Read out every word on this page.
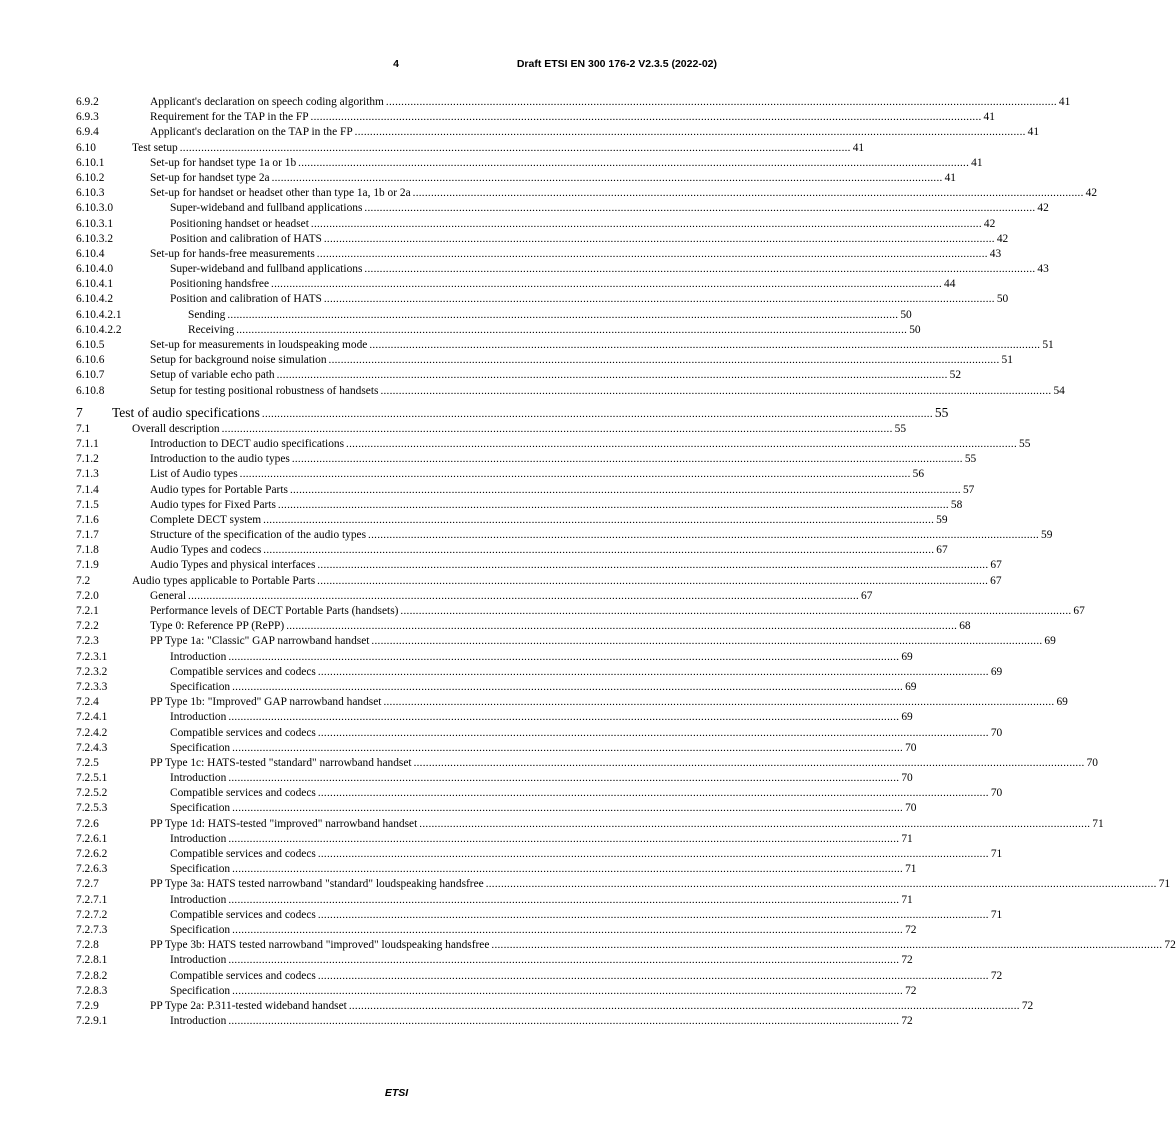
4	Draft ETSI EN 300 176-2 V2.3.5 (2022-02)
6.9.2	Applicant's declaration on speech coding algorithm ............................................................................................................................................................................................................................ 41
6.9.3	Requirement for the TAP in the FP ............................................................................................................................................................................................................................ 41
6.9.4	Applicant's declaration on the TAP in the FP ............................................................................................................................................................................................................................ 41
6.10	Test setup ............................................................................................................................................................................................................................ 41
6.10.1	Set-up for handset type 1a or 1b ............................................................................................................................................................................................................................ 41
6.10.2	Set-up for handset type 2a ............................................................................................................................................................................................................................ 41
6.10.3	Set-up for handset or headset other than type 1a, 1b or 2a ............................................................................................................................................................................................................................ 42
6.10.3.0	Super-wideband and fullband applications ............................................................................................................................................................................................................................ 42
6.10.3.1	Positioning handset or headset ............................................................................................................................................................................................................................ 42
6.10.3.2	Position and calibration of HATS ............................................................................................................................................................................................................................ 42
6.10.4	Set-up for hands-free measurements ............................................................................................................................................................................................................................ 43
6.10.4.0	Super-wideband and fullband applications ............................................................................................................................................................................................................................ 43
6.10.4.1	Positioning handsfree ............................................................................................................................................................................................................................ 44
6.10.4.2	Position and calibration of HATS ............................................................................................................................................................................................................................ 50
6.10.4.2.1	Sending ............................................................................................................................................................................................................................ 50
6.10.4.2.2	Receiving ............................................................................................................................................................................................................................ 50
6.10.5	Set-up for measurements in loudspeaking mode ............................................................................................................................................................................................................................ 51
6.10.6	Setup for background noise simulation ............................................................................................................................................................................................................................ 51
6.10.7	Setup of variable echo path ............................................................................................................................................................................................................................ 52
6.10.8	Setup for testing positional robustness of handsets ............................................................................................................................................................................................................................ 54
7	Test of audio specifications ............................................................................................................................................................................................................................ 55
7.1	Overall description ............................................................................................................................................................................................................................ 55
7.1.1	Introduction to DECT audio specifications ............................................................................................................................................................................................................................ 55
7.1.2	Introduction to the audio types ............................................................................................................................................................................................................................ 55
7.1.3	List of Audio types ............................................................................................................................................................................................................................ 56
7.1.4	Audio types for Portable Parts ............................................................................................................................................................................................................................ 57
7.1.5	Audio types for Fixed Parts ............................................................................................................................................................................................................................ 58
7.1.6	Complete DECT system ............................................................................................................................................................................................................................ 59
7.1.7	Structure of the specification of the audio types ............................................................................................................................................................................................................................ 59
7.1.8	Audio Types and codecs ............................................................................................................................................................................................................................ 67
7.1.9	Audio Types and physical interfaces ............................................................................................................................................................................................................................ 67
7.2	Audio types applicable to Portable Parts ............................................................................................................................................................................................................................ 67
7.2.0	General ............................................................................................................................................................................................................................ 67
7.2.1	Performance levels of DECT Portable Parts (handsets) ............................................................................................................................................................................................................................ 67
7.2.2	Type 0: Reference PP (RePP) ............................................................................................................................................................................................................................ 68
7.2.3	PP Type 1a: "Classic" GAP narrowband handset ............................................................................................................................................................................................................................ 69
7.2.3.1	Introduction ............................................................................................................................................................................................................................ 69
7.2.3.2	Compatible services and codecs ............................................................................................................................................................................................................................ 69
7.2.3.3	Specification ............................................................................................................................................................................................................................ 69
7.2.4	PP Type 1b: "Improved" GAP narrowband handset ............................................................................................................................................................................................................................ 69
7.2.4.1	Introduction ............................................................................................................................................................................................................................ 69
7.2.4.2	Compatible services and codecs ............................................................................................................................................................................................................................ 70
7.2.4.3	Specification ............................................................................................................................................................................................................................ 70
7.2.5	PP Type 1c: HATS-tested "standard" narrowband handset ............................................................................................................................................................................................................................ 70
7.2.5.1	Introduction ............................................................................................................................................................................................................................ 70
7.2.5.2	Compatible services and codecs ............................................................................................................................................................................................................................ 70
7.2.5.3	Specification ............................................................................................................................................................................................................................ 70
7.2.6	PP Type 1d: HATS-tested "improved" narrowband handset ............................................................................................................................................................................................................................ 71
7.2.6.1	Introduction ............................................................................................................................................................................................................................ 71
7.2.6.2	Compatible services and codecs ............................................................................................................................................................................................................................ 71
7.2.6.3	Specification ............................................................................................................................................................................................................................ 71
7.2.7	PP Type 3a: HATS tested narrowband "standard" loudspeaking handsfree ............................................................................................................................................................................................................................ 71
7.2.7.1	Introduction ............................................................................................................................................................................................................................ 71
7.2.7.2	Compatible services and codecs ............................................................................................................................................................................................................................ 71
7.2.7.3	Specification ............................................................................................................................................................................................................................ 72
7.2.8	PP Type 3b: HATS tested narrowband "improved" loudspeaking handsfree ............................................................................................................................................................................................................................ 72
7.2.8.1	Introduction ............................................................................................................................................................................................................................ 72
7.2.8.2	Compatible services and codecs ............................................................................................................................................................................................................................ 72
7.2.8.3	Specification ............................................................................................................................................................................................................................ 72
7.2.9	PP Type 2a: P.311-tested wideband handset ............................................................................................................................................................................................................................ 72
7.2.9.1	Introduction ............................................................................................................................................................................................................................ 72
ETSI
